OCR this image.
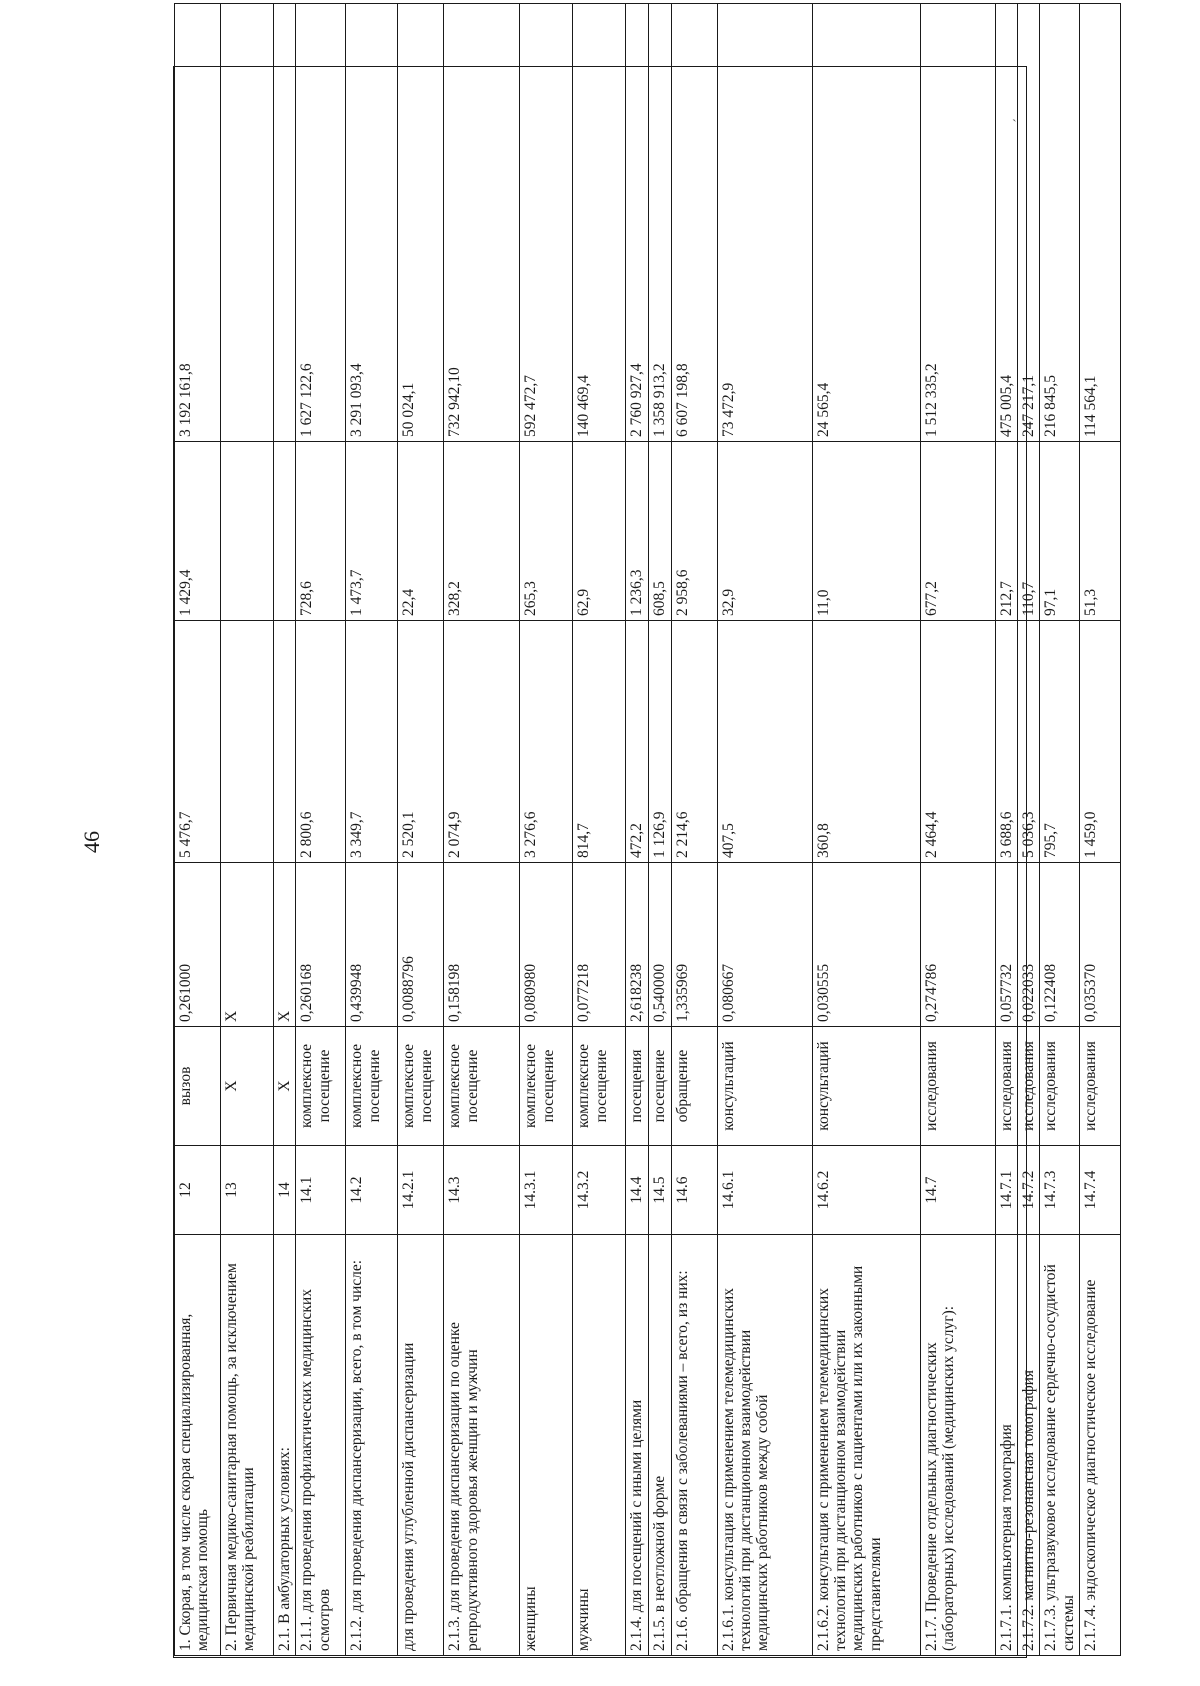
46
1. Скорая, в том числе скорая специализированная, медицинская помощь	12	вызов	0,261000	5 476,7	1 429,4	3 192 161,8
2. Первичная медико-санитарная помощь, за исключением медицинской реабилитации	13	X	X			
2.1. В амбулаторных условиях:	14	X	X			
2.1.1. для проведения профилактических медицинских осмотров	14.1	комплексное посещение	0,260168	2 800,6	728,6	1 627 122,6
2.1.2. для проведения диспансеризации, всего, в том числе:	14.2	комплексное посещение	0,439948	3 349,7	1 473,7	3 291 093,4
для проведения углубленной диспансеризации	14.2.1	комплексное посещение	0,0088796	2 520,1	22,4	50 024,1
2.1.3. для проведения диспансеризации по оценке репродуктивного здоровья женщин и мужчин	14.3	комплексное посещение	0,158198	2 074,9	328,2	732 942,10
женщины	14.3.1	комплексное посещение	0,080980	3 276,6	265,3	592 472,7
мужчины	14.3.2	комплексное посещение	0,077218	814,7	62,9	140 469,4
2.1.4. для посещений с иными целями	14.4	посещения	2,618238	472,2	1 236,3	2 760 927,4
2.1.5. в неотложной форме	14.5	посещение	0,540000	1 126,9	608,5	1 358 913,2
2.1.6. обращения в связи с заболеваниями – всего, из них:	14.6	обращение	1,335969	2 214,6	2 958,6	6 607 198,8
2.1.6.1. консультация с применением телемедицинских технологий при дистанционном взаимодействии медицинских работников между собой	14.6.1	консультаций	0,080667	407,5	32,9	73 472,9
2.1.6.2. консультация с применением телемедицинских технологий при дистанционном взаимодействии медицинских работников с пациентами или их законными представителями	14.6.2	консультаций	0,030555	360,8	11,0	24 565,4
2.1.7. Проведение отдельных диагностических (лабораторных) исследований (медицинских услуг):	14.7	исследования	0,274786	2 464,4	677,2	1 512 335,2
2.1.7.1. компьютерная томография	14.7.1	исследования	0,057732	3 688,6	212,7	475 005,4
2.1.7.2. магнитно-резонансная томография	14.7.2	исследования	0,022033	5 036,3	110,7	247 217,1
2.1.7.3. ультразвуковое исследование сердечно-сосудистой системы	14.7.3	исследования	0,122408	795,7	97,1	216 845,5
2.1.7.4. эндоскопическое диагностическое исследование	14.7.4	исследования	0,035370	1 459,0	51,3	114 564,1
`
